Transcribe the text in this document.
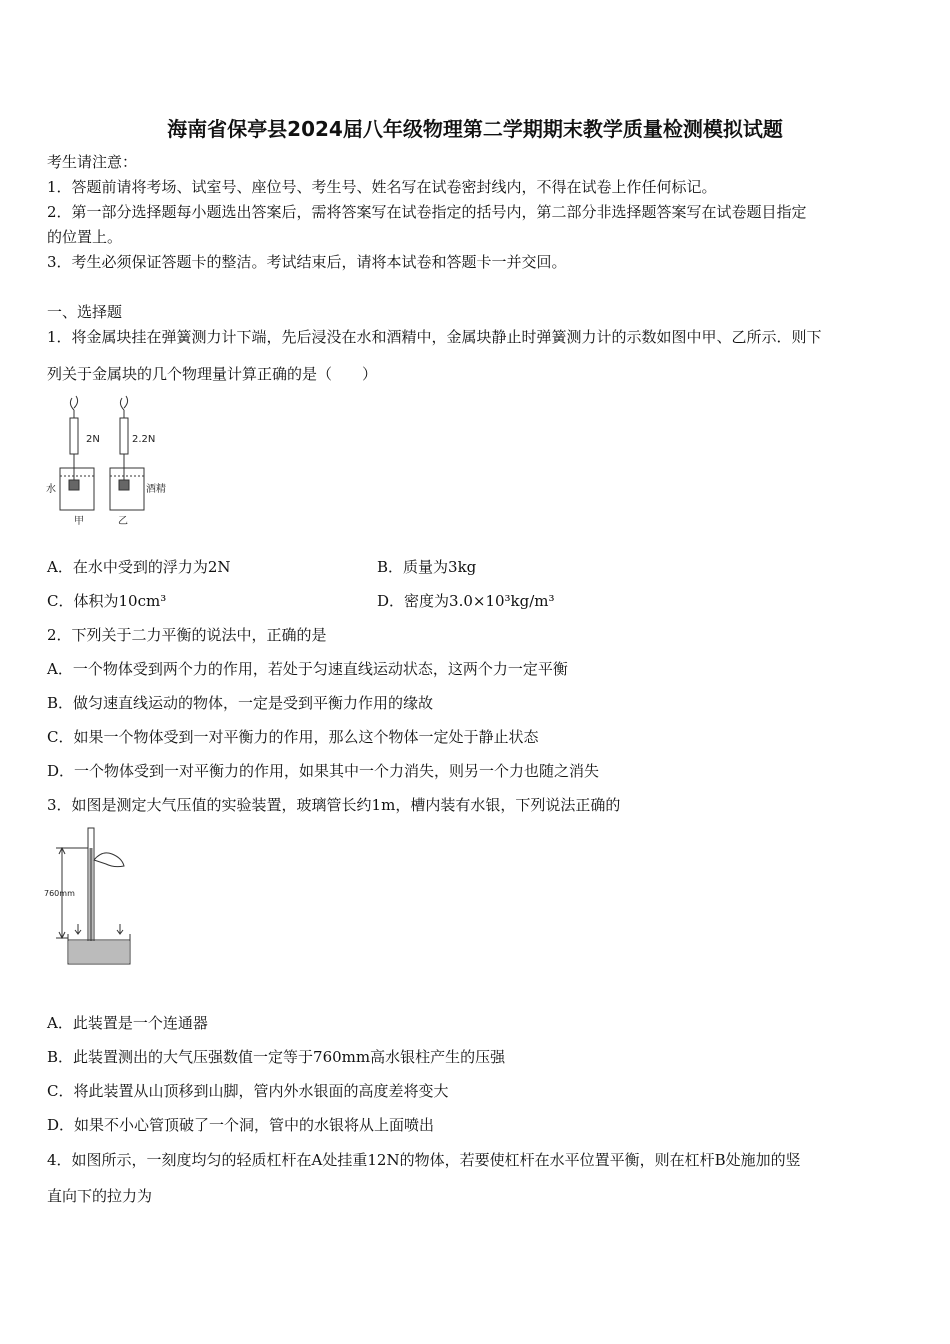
海南省保亭县2024届八年级物理第二学期期末教学质量检测模拟试题
考生请注意：
1．答题前请将考场、试室号、座位号、考生号、姓名写在试卷密封线内，不得在试卷上作任何标记。
2．第一部分选择题每小题选出答案后，需将答案写在试卷指定的括号内，第二部分非选择题答案写在试卷题目指定
的位置上。
3．考生必须保证答题卡的整洁。考试结束后，请将本试卷和答题卡一并交回。
一、选择题
1．将金属块挂在弹簧测力计下端，先后浸没在水和酒精中，金属块静止时弹簧测力计的示数如图中甲、乙所示．则下
列关于金属块的几个物理量计算正确的是（　　）
2N	2.2N
水	酒精
甲	乙
A．在水中受到的浮力为2N	B．质量为3kg
C．体积为10cm³	D．密度为3.0×10³kg/m³
2．下列关于二力平衡的说法中，正确的是
A．一个物体受到两个力的作用，若处于匀速直线运动状态，这两个力一定平衡
B．做匀速直线运动的物体，一定是受到平衡力作用的缘故
C．如果一个物体受到一对平衡力的作用，那么这个物体一定处于静止状态
D．一个物体受到一对平衡力的作用，如果其中一个力消失，则另一个力也随之消失
3．如图是测定大气压值的实验装置，玻璃管长约1m，槽内装有水银，下列说法正确的
760mm
A．此装置是一个连通器
B．此装置测出的大气压强数值一定等于760mm高水银柱产生的压强
C．将此装置从山顶移到山脚，管内外水银面的高度差将变大
D．如果不小心管顶破了一个洞，管中的水银将从上面喷出
4．如图所示，一刻度均匀的轻质杠杆在A处挂重12N的物体，若要使杠杆在水平位置平衡，则在杠杆B处施加的竖
直向下的拉力为
